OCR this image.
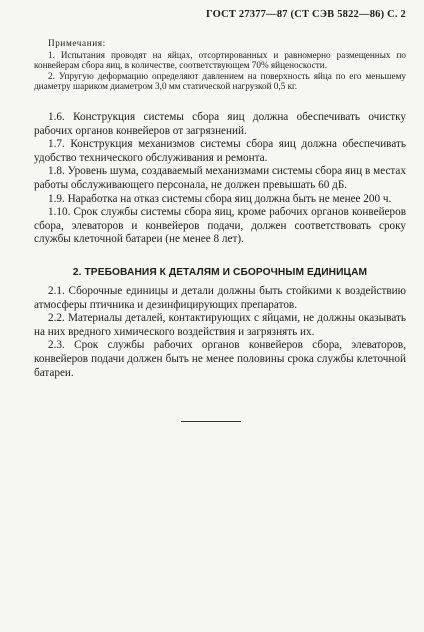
ГОСТ 27377—87 (СТ СЭВ 5822—86) С. 2

Примечания:

1. Испытания проводят на яйцах, отсортированных и равномерно размещенных по конвейерам сбора яиц, в количестве, соответствующем 70% яйценоскости.

2. Упругую деформацию определяют давлением на поверхность яйца по его меньшему диаметру шариком диаметром 3,0 мм статической нагрузкой 0,5 кг.

1.6. Конструкция системы сбора яиц должна обеспечивать очистку рабочих органов конвейеров от загрязнений.

1.7. Конструкция механизмов системы сбора яиц должна обеспечивать удобство технического обслуживания и ремонта.

1.8. Уровень шума, создаваемый механизмами системы сбора яиц в местах работы обслуживающего персонала, не должен превышать 60 дБ.

1.9. Наработка на отказ системы сбора яиц должна быть не менее 200 ч.

1.10. Срок службы системы сбора яиц, кроме рабочих органов конвейеров сбора, элеваторов и конвейеров подачи, должен соответствовать сроку службы клеточной батареи (не менее 8 лет).

2. ТРЕБОВАНИЯ К ДЕТАЛЯМ И СБОРОЧНЫМ ЕДИНИЦАМ

2.1. Сборочные единицы и детали должны быть стойкими к воздействию атмосферы птичника и дезинфицирующих препаратов.

2.2. Материалы деталей, контактирующих с яйцами, не должны оказывать на них вредного химического воздействия и загрязнять их.

2.3. Срок службы рабочих органов конвейеров сбора, элеваторов, конвейеров подачи должен быть не менее половины срока службы клеточной батареи.
